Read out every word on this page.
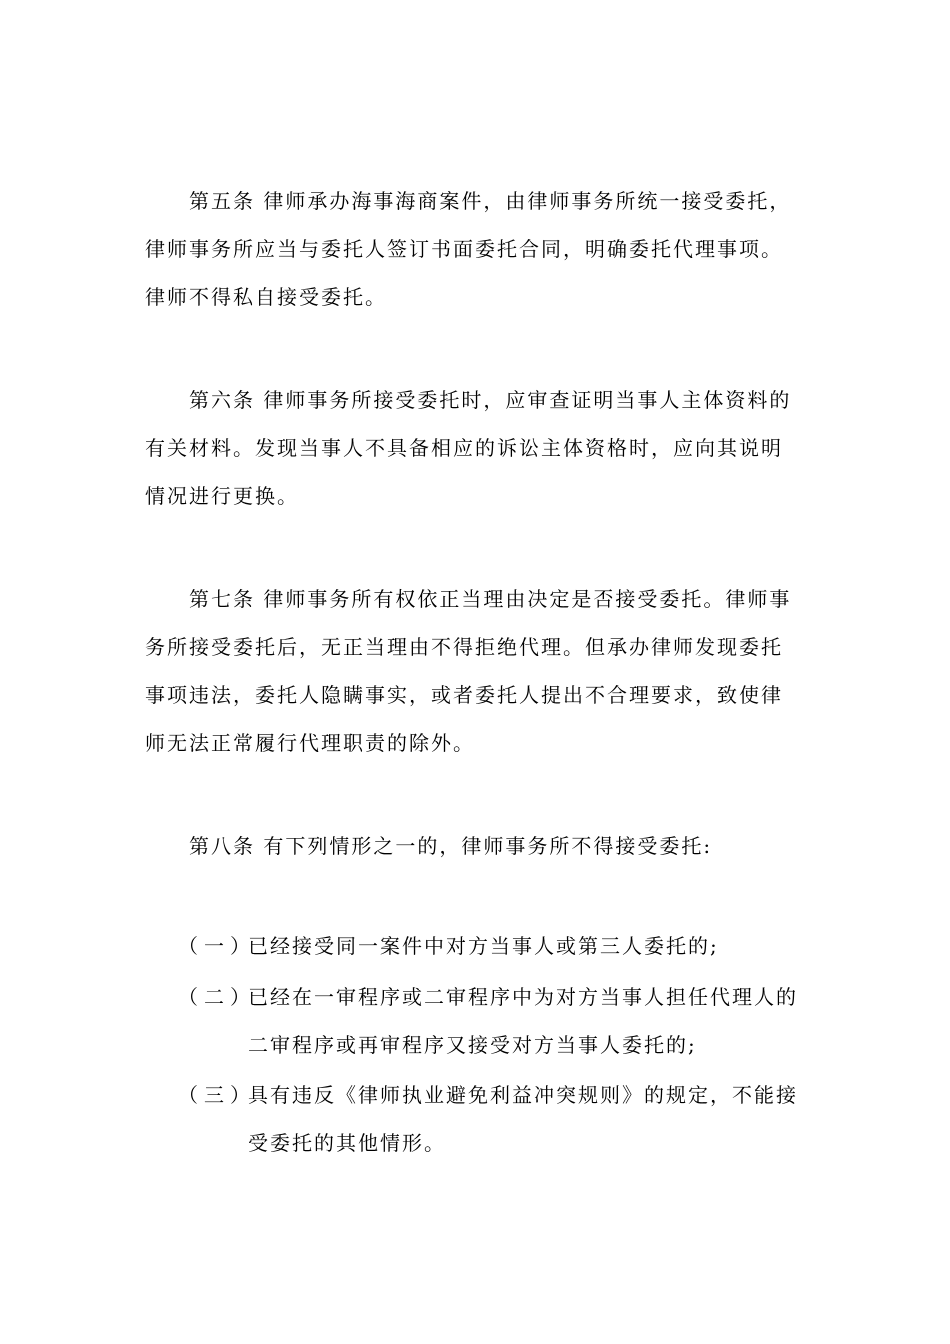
第五条 律师承办海事海商案件，由律师事务所统一接受委托，
律师事务所应当与委托人签订书面委托合同，明确委托代理事项。
律师不得私自接受委托。
第六条 律师事务所接受委托时，应审查证明当事人主体资料的
有关材料。发现当事人不具备相应的诉讼主体资格时，应向其说明
情况进行更换。
第七条 律师事务所有权依正当理由决定是否接受委托。律师事
务所接受委托后，无正当理由不得拒绝代理。但承办律师发现委托
事项违法，委托人隐瞒事实，或者委托人提出不合理要求，致使律
师无法正常履行代理职责的除外。
第八条 有下列情形之一的，律师事务所不得接受委托:
（一）已经接受同一案件中对方当事人或第三人委托的;
（二）已经在一审程序或二审程序中为对方当事人担任代理人的
二审程序或再审程序又接受对方当事人委托的;
（三）具有违反《律师执业避免利益冲突规则》的规定，不能接
受委托的其他情形。
